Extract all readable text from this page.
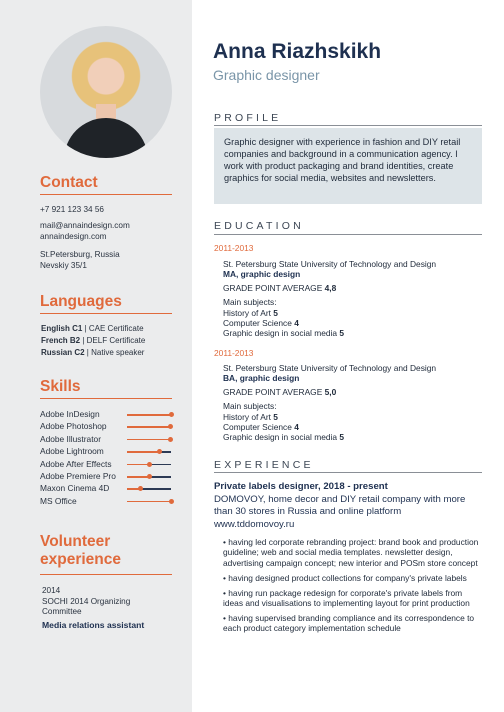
Contact
+7 921 123 34 56
mail@annaindesign.com
annaindesign.com
St.Petersburg, Russia
Nevskiy 35/1
Languages
English C1 | CAE Certificate
French B2 | DELF Certificate
Russian C2 | Native speaker
Skills
Adobe InDesign
Adobe Photoshop
Adobe Illustrator
Adobe Lightroom
Adobe After Effects
Adobe Premiere Pro
Maxon Cinema 4D
MS Office
Volunteer
experience
2014
SOCHI 2014 Organizing
Committee
Media relations assistant
Anna Riazhskikh
Graphic designer
PROFILE
Graphic designer with experience in fashion and DIY retail companies and background in a communication agency. I work with product packaging and brand identities, create graphics for social media, websites and newsletters.
EDUCATION
2011-2013
St. Petersburg State University of Technology and Design
MA, graphic design
GRADE POINT AVERAGE 4,8
Main subjects:
History of Art 5
Computer Science 4
Graphic design in social media 5
2011-2013
St. Petersburg State University of Technology and Design
BA, graphic design
GRADE POINT AVERAGE 5,0
Main subjects:
History of Art 5
Computer Science 4
Graphic design in social media 5
EXPERIENCE
Private labels designer, 2018 - present
DOMOVOY, home decor and DIY retail company with more
than 30 stores in Russia and online platform
www.tddomovoy.ru
• having led corporate rebranding project: brand book and production guideline; web and social media templates. newsletter design, advertising campaign concept; new interior and POSm store concept
• having designed product collections for company's private labels
• having run package redesign for corporate's private labels from ideas and visualisations to implementing layout for print production
• having supervised branding compliance and its correspondence to each product category implementation schedule
